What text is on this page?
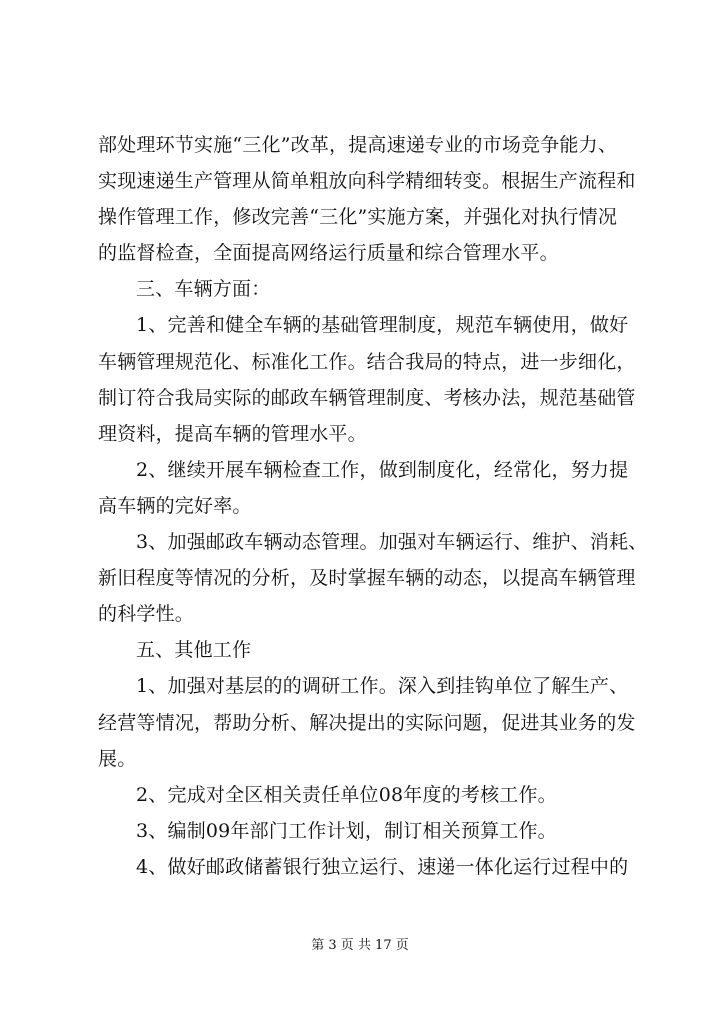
部处理环节实施“三化”改革，提高速递专业的市场竞争能力、
实现速递生产管理从简单粗放向科学精细转变。根据生产流程和
操作管理工作，修改完善“三化”实施方案，并强化对执行情况
的监督检查，全面提高网络运行质量和综合管理水平。
三、车辆方面：
1、完善和健全车辆的基础管理制度，规范车辆使用，做好
车辆管理规范化、标准化工作。结合我局的特点，进一步细化，
制订符合我局实际的邮政车辆管理制度、考核办法，规范基础管
理资料，提高车辆的管理水平。
2、继续开展车辆检查工作，做到制度化，经常化，努力提
高车辆的完好率。
3、加强邮政车辆动态管理。加强对车辆运行、维护、消耗、
新旧程度等情况的分析，及时掌握车辆的动态，以提高车辆管理
的科学性。
五、其他工作
1、加强对基层的的调研工作。深入到挂钩单位了解生产、
经营等情况，帮助分析、解决提出的实际问题，促进其业务的发
展。
2、完成对全区相关责任单位08年度的考核工作。
3、编制09年部门工作计划，制订相关预算工作。
4、做好邮政储蓄银行独立运行、速递一体化运行过程中的
第 3 页 共 17 页
